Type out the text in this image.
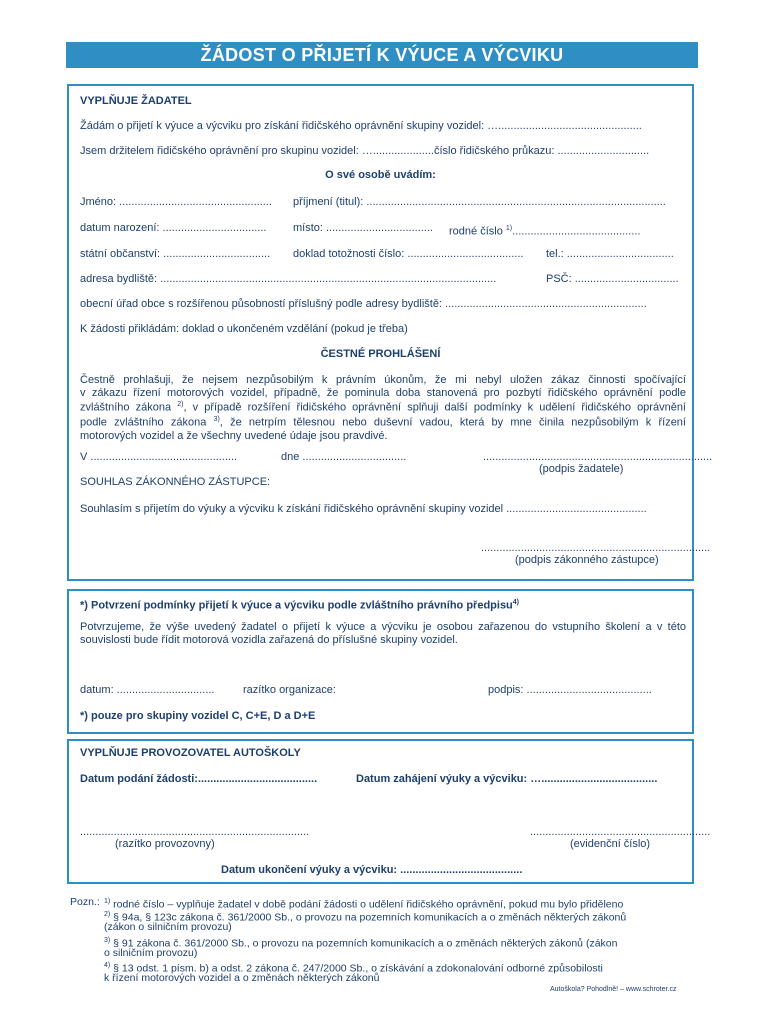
ŽÁDOST O PŘIJETÍ K VÝUCE A VÝCVIKU
VYPLŇUJE ŽADATEL
Žádám o přijetí k výuce a výcviku pro získání řidičského oprávnění skupiny vozidel: …...............................................
Jsem držitelem řidičského oprávnění pro skupinu vozidel: …....................číslo řidičského průkazu: ..............................
O své osobě uvádím:
Jméno: .................................................. příjmení (titul): ..................................................................................................
datum narození: .................................. místo: ................................... rodné číslo $^{1)}$..........................................
státní občanství: ................................... doklad totožnosti číslo: ...................................... tel.: ...................................
adresa bydliště: ..............................................................................................................	PSČ: ..................................
obecní úřad obce s rozšířenou působností příslušný podle adresy bydliště: ..................................................................
K žádosti přikládám: doklad o ukončeném vzdělání (pokud je třeba)
ČESTNÉ PROHLÁŠENÍ
Čestně prohlašuji, že nejsem nezpůsobilým k právním úkonům, že mi nebyl uložen zákaz činnosti spočívající
v zákazu řízení motorových vozidel, případně, že pominula doba stanovená pro pozbytí řidičského oprávnění podle
zvláštního zákona $^{2)}$, v případě rozšíření řidičského oprávnění splňuji další podmínky k udělení řidičského oprávnění
podle zvláštního zákona $^{3)}$, že netrpím tělesnou nebo duševní vadou, která by mne činila nezpůsobilým k řízení
motorových vozidel a že všechny uvedené údaje jsou pravdivé.
V ................................................	dne ..................................	...........................................................................
(podpis žadatele)
SOUHLAS ZÁKONNÉHO ZÁSTUPCE:
Souhlasím s přijetím do výuky a výcviku k získání řidičského oprávnění skupiny vozidel ..............................................
...........................................................................
(podpis zákonného zástupce)
*) Potvrzení podmínky přijetí k výuce a výcviku podle zvláštního právního předpisu$^{4)}$
Potvrzujeme, že výše uvedený žadatel o přijetí k výuce a výcviku je osobou zařazenou do vstupního školení a v této
souvislosti bude řídit motorová vozidla zařazená do příslušné skupiny vozidel.
datum: ................................	razítko organizace:	podpis: .........................................
*) pouze pro skupiny vozidel C, C+E, D a D+E
VYPLŇUJE PROVOZOVATEL AUTOŠKOLY
Datum podání žádosti:.......................................	Datum zahájení výuky a výcviku: …......................................
...........................................................................
(razítko provozovny)
...........................................................
(evidenční číslo)
Datum ukončení výuky a výcviku: ........................................
Pozn.: $^{1)}$ rodné číslo – vyplňuje žadatel v době podání žádosti o udělení řidičského oprávnění, pokud mu bylo přiděleno
$^{2)}$ § 94a, § 123c zákona č. 361/2000 Sb., o provozu na pozemních komunikacích a o změnách některých zákonů
(zákon o silničním provozu)
$^{3)}$ § 91 zákona č. 361/2000 Sb., o provozu na pozemních komunikacích a o změnách některých zákonů (zákon
o silničním provozu)
$^{4)}$ § 13 odst. 1 písm. b) a odst. 2 zákona č. 247/2000 Sb., o získávání a zdokonalování odborné způsobilosti
k řízení motorových vozidel a o změnách některých zákonů
Autoškola? Pohodlně! – www.schroter.cz
